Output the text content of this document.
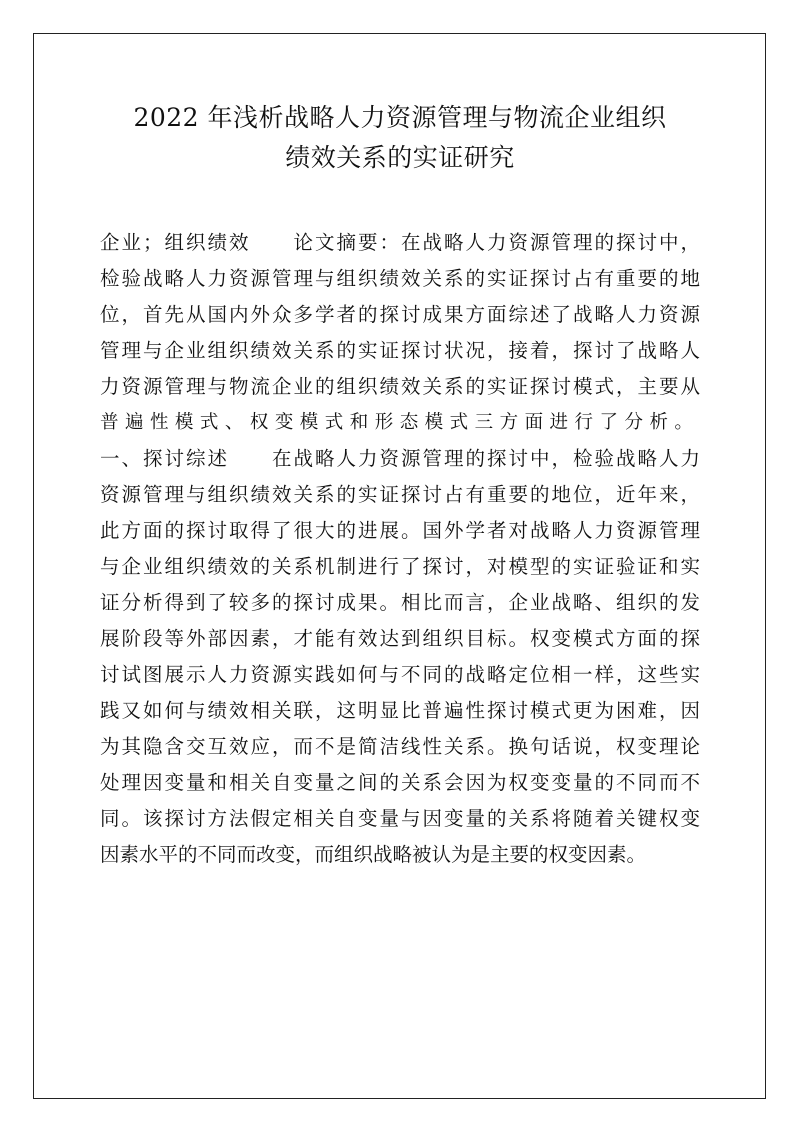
2022 年浅析战略人力资源管理与物流企业组织
绩效关系的实证研究
企业；组织绩效　　论文摘要：在战略人力资源管理的探讨中，
检验战略人力资源管理与组织绩效关系的实证探讨占有重要的地
位，首先从国内外众多学者的探讨成果方面综述了战略人力资源
管理与企业组织绩效关系的实证探讨状况，接着，探讨了战略人
力资源管理与物流企业的组织绩效关系的实证探讨模式，主要从
普遍性模式、权变模式和形态模式三方面进行了分析。
一、探讨综述　　在战略人力资源管理的探讨中，检验战略人力
资源管理与组织绩效关系的实证探讨占有重要的地位，近年来，
此方面的探讨取得了很大的进展。国外学者对战略人力资源管理
与企业组织绩效的关系机制进行了探讨，对模型的实证验证和实
证分析得到了较多的探讨成果。相比而言，企业战略、组织的发
展阶段等外部因素，才能有效达到组织目标。权变模式方面的探
讨试图展示人力资源实践如何与不同的战略定位相一样，这些实
践又如何与绩效相关联，这明显比普遍性探讨模式更为困难，因
为其隐含交互效应，而不是简洁线性关系。换句话说，权变理论
处理因变量和相关自变量之间的关系会因为权变变量的不同而不
同。该探讨方法假定相关自变量与因变量的关系将随着关键权变
因素水平的不同而改变，而组织战略被认为是主要的权变因素。
